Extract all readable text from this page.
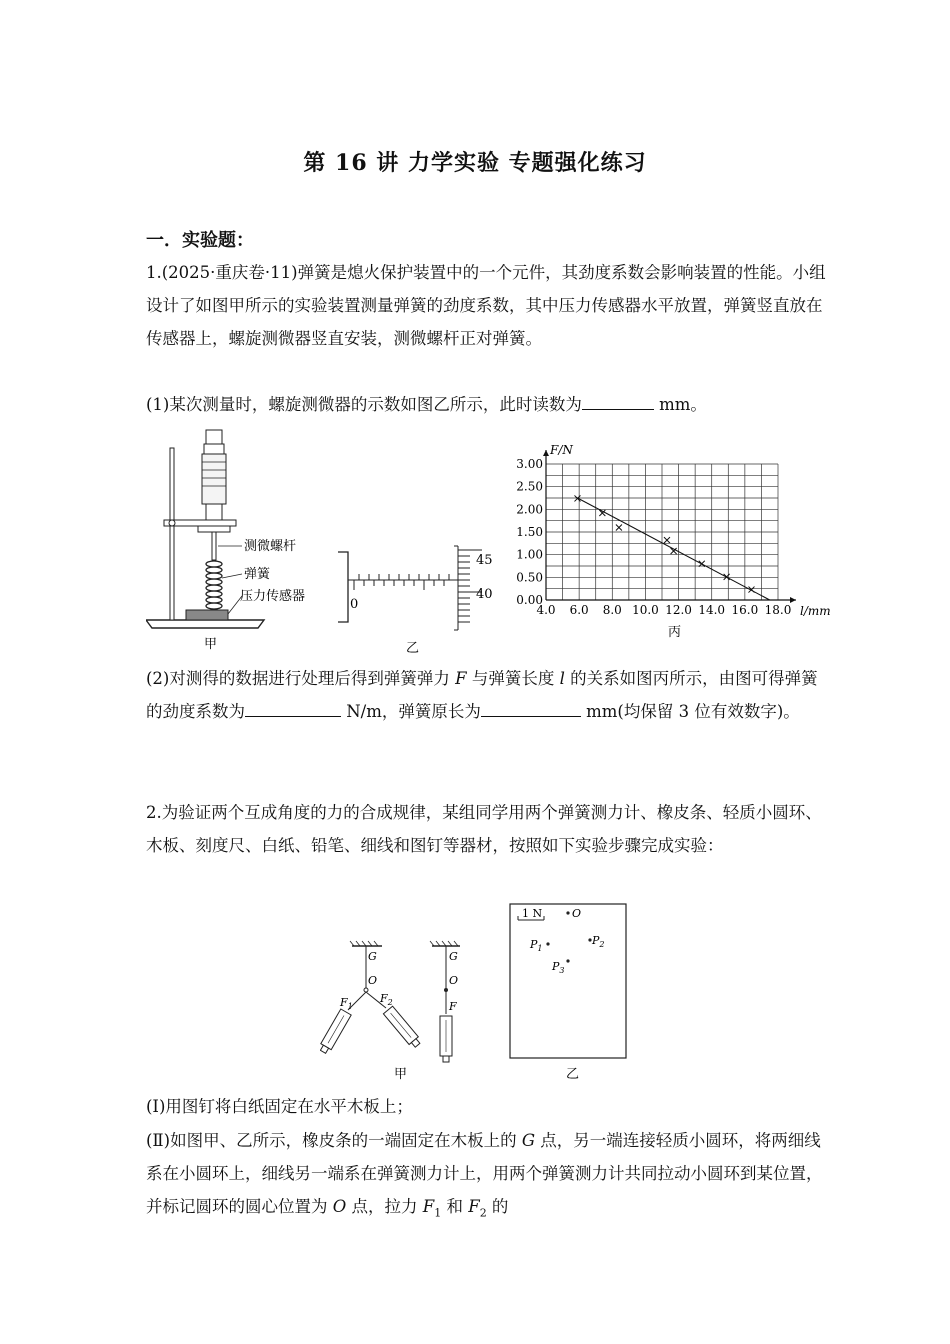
第 16 讲 力学实验 专题强化练习
一．实验题：
1.(2025·重庆卷·11)弹簧是熄火保护装置中的一个元件，其劲度系数会影响装置的性能。小组设计了如图甲所示的实验装置测量弹簧的劲度系数，其中压力传感器水平放置，弹簧竖直放在传感器上，螺旋测微器竖直安装，测微螺杆正对弹簧。
(1)某次测量时，螺旋测微器的示数如图乙所示，此时读数为	mm。
测微螺杆
弹簧
压力传感器
甲
0
45
40
乙
4.0 6.0 8.0 10.0 12.0 14.0 16.0 18.0
0.00
0.50
1.00
1.50
2.00
2.50
3.00
F/N
l/mm
丙
(2)对测得的数据进行处理后得到弹簧弹力 F 与弹簧长度 l 的关系如图丙所示，由图可得弹簧的劲度系数为	N/m，弹簧原长为	mm(均保留 3 位有效数字)。
2.为验证两个互成角度的力的合成规律，某组同学用两个弹簧测力计、橡皮条、轻质小圆环、木板、刻度尺、白纸、铅笔、细线和图钉等器材，按照如下实验步骤完成实验：
G
O
$F_1$
$F_2$
G
O
F
甲
1 N	O
$P_1$
$P_2$
$P_3$
乙
(Ⅰ)用图钉将白纸固定在水平木板上；
(Ⅱ)如图甲、乙所示，橡皮条的一端固定在木板上的 G 点，另一端连接轻质小圆环，将两细线系在小圆环上，细线另一端系在弹簧测力计上，用两个弹簧测力计共同拉动小圆环到某位置，并标记圆环的圆心位置为 O 点，拉力 $F_1$ 和 $F_2$ 的
